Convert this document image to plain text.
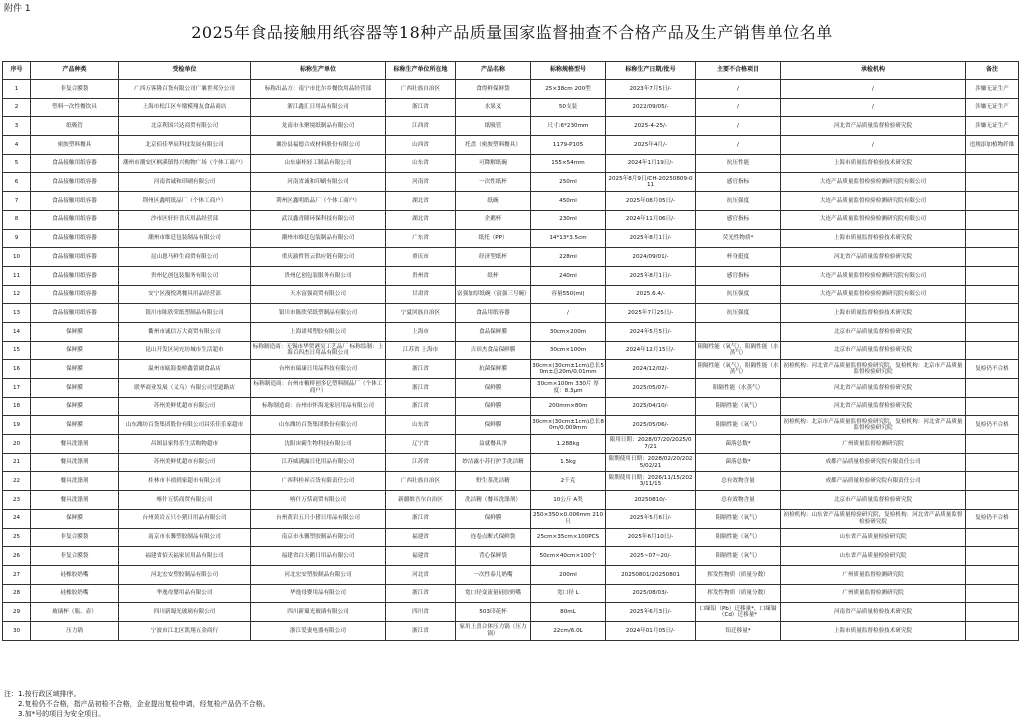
附件 1
2025年食品接触用纸容器等18种产品质量国家监督抽查不合格产品及生产销售单位名单
序号	产品种类	受检单位	标称生产单位	标称生产单位所在地	产品名称	标称规格型号	标称生产日期/批号	主要不合格项目	承检机构	备注
1	非复合膜袋	广西万客隆百货有限公司广襄世邦分公司	标称出品方：南宁市比尔乡餐饮用品经营部	广西壮族自治区	食得鲜保鲜袋	25×38cm 200型	2023年7月5日/-	/	/	涉嫌无证生产
2	塑料一次性餐饮具	上海市松江区车墩模翔友食品商店	浙江鑫汇日用品有限公司	浙江省	水果叉	50支装	2022/09/05/-	/	/	涉嫌无证生产
3	纸吸管	北京利国兴达商贸有限公司	龙南市永聚境纸制品有限公司	江西省	纸吸管	尺寸:6*230mm	2025-4-25/-	/	河北省产品质量监督检验研究院	涉嫌无证生产
4	密胺塑料餐具	北京佰佳华辰科技发展有限公司	襄汾县福德合成材料股份有限公司	山西省	托盘（密胺塑料餐具）	1179-P105	2025年4月/-	/	/	违规添加植物纤维
5	食品接触用纸容器	潮州市潮安区枫溪镇得兴购物广场（个体工商户）	山东康桂轻工制品有限公司	山东省	可降解纸碗	155×54mm	2024年1月19日/-	抗压性能	上海市质量监督检验技术研究院	
6	食品接触用纸容器	河南省诚和印刷有限公司	河南省诚和印刷有限公司	河南省	一次性纸杯	250ml	2025年8月9日/CH-20250809-011	感官指标	大连产品质量监督检验检测研究院有限公司	
7	食品接触用纸容器	荆州区鑫明纸品厂（个体工商户）	荆州区鑫明纸品厂（个体工商户）	湖北省	纸碗	450ml	2025年08月05日/-	抗压强度	大连产品质量监督检验检测研究院有限公司	
8	食品接触用纸容器	沙市区轩轩喜庆用品经营部	武汉鑫青隆环保科技有限公司	湖北省	企鹅杯	230ml	2024年11月06日/-	感官指标	大连产品质量监督检验检测研究院有限公司	
9	食品接触用纸容器	潮州市维廷包装制品有限公司	潮州市维廷包装制品有限公司	广东省	纸托（PP）	14*13*3.5cm	2025年8月1日/-	荧光性物质*	上海市质量监督检验技术研究院	
10	食品接触用纸容器	昆山恩马鲜生商贸有限公司	重庆渝哲智云供应链有限公司	重庆市	经济型纸杯	228ml	2024/09/01/-	杯身挺度	河北省产品质量监督检验研究院	
11	食品接触用纸容器	贵州亿创包装服务有限公司	贵州亿创包装服务有限公司	贵州省	纸杯	240ml	2025年8月1日/-	感官指标	大连产品质量监督检验检测研究院有限公司	
12	食品接触用纸容器	安宁区漫悦鸿餐具用品经营部	天水富强商贸有限公司	甘肃省	富强加厚纸碗（富强三号碗）	容量550(ml)	2025.6.4/-	抗压强度	大连产品质量监督检验检测研究院有限公司	
13	食品接触用纸容器	银川市陈欣荣纸塑制品有限公司	银川市陈欣荣纸塑制品有限公司	宁夏回族自治区	食品用纸容器	/	2025年7月25日/-	抗压强度	上海市质量监督检验技术研究院	
14	保鲜膜	衢州市诚信万大商贸有限公司	上海诺邦塑胶有限公司	上海市	食品保鲜膜	30cm×200m	2024年5月5日/-		北京市产品质量监督检验研究院	
15	保鲜膜	昆山开发区同充坊城市生活超市	标称制造商：无锡市华贸港吴工艺品厂 标称监制：上海百四杰日用品有限公司	江苏省 上海市	吉田杰食品保鲜膜	30cm×100m	2024年12月15日/-	阻隔性能（氧气），阻隔性能（水蒸气）	北京市产品质量监督检验研究院	
16	保鲜膜	温州市瓯海娄桥鑫蕾副食品店	台州市瑞康日用品科技有限公司	浙江省	抗菌保鲜膜	30cm×(30cm±1cm)总长50m±总20m/0.01mm	2024/12/02/-	阻隔性能（氧气），阻隔性能（水蒸气）	初检机构：河北省产品质量监督检验研究院，复检机构：北京市产品质量监督检验研究院	复检仍不合格
17	保鲜膜	联华商业发展（义乌）有限公司望道路店	标称制造商：台州市椒桥创多亿塑料制品厂（个体工商户）	浙江省	保鲜膜	30cm×100m 330片 厚度：8.3μm	2025/05/07/-	阻隔性能（水蒸气）	河北省产品质量监督检验研究院	
18	保鲜膜	苏州美鲜优超市有限公司	标称制造商：台州市怀海龙家居用品有限公司	浙江省	保鲜膜	200mm×80m	2025/04/10/-	阻隔性能（氧气）	河北省产品质量监督检验研究院	
19	保鲜膜	山东潍坊百货集团股份有限公司昌乐佳乐家超市	山东潍坊百货集团股份有限公司	山东省	保鲜膜	30cm×(30cm±1cm)总长80m/0.009mm	2025/05/06/-	阻隔性能（氧气）	初检机构：北京市产品质量监督检验研究院，复检机构：河北省产品质量监督检验研究院	复检仍不合格
20	餐具洗涤剂	昌图县家得乐生活购物超市	沈阳宙霸生物科技有限公司	辽宁省	益就餐具净	1.288kg	限用日期：2028/07/20/2025/07/21	菌落总数*	广州质量监督检测研究院	
21	餐具洗涤剂	苏州美鲜优超市有限公司	江苏威满露日化用品有限公司	江苏省	妙洁露小苏打护手洗洁精	1.5kg	限期使用日期：2028/02/20/2025/02/21	菌落总数*	成都产品质量检验研究院有限责任公司	
22	餐具洗涤剂	桂林市丰禧到家超市有限公司	广西科桂昇百货有限责任公司	广西壮族自治区	野生茶洗洁精	2千克	限期使用日期：2026/11/15/2023/11/15	总有效物含量	成都产品质量检验研究院有限责任公司	
23	餐具洗涤剂	喀什万恬商贸有限公司	喀什万恬商贸有限公司	新疆维吾尔自治区	洗洁精（餐具洗涤剂）	10公斤 A类	20250810/-	总有效物含量	北京市产品质量监督检验研究院	
24	保鲜膜	台州黄岩五只小猪日用品有限公司	台州黄岩五只小猪日用品有限公司	浙江省	保鲜膜	250×350×0.006mm 210只	2025年5月6日/-	阻隔性能（氧气）	初检机构：山东省产品质量检验研究院，复检机构：河北省产品质量监督检验研究院	复检仍不合格
25	非复合膜袋	南京市永馨塑胶制品有限公司	南京市永馨塑胶制品有限公司	福建省	连卷点断式保鲜袋	25cm×35cm×100PCS	2025年6月10日/-	阻隔性能（氧气）	山东省产品质量检验研究院	
26	非复合膜袋	福建省佰天福家居用品有限公司	福建省白天鹅日用品有限公司	福建省	背心保鲜袋	50cm×40cm×100个	2025~07~20/-	阻隔性能（氧气）	山东省产品质量检验研究院	
27	硅橡胶奶嘴	河北宏安塑胶制品有限公司	河北宏安塑胶制品有限公司	河北省	一次性泰儿奶嘴	200ml	20250801/20250801	挥发性物质（质量分数）	广州质量监督检测研究院	
28	硅橡胶奶嘴	华逸母婴用品有限公司	华逸母婴用品有限公司	浙江省	宽口径变流量硅胶奶嘴	宽口径 L	2025/08/03/-	挥发性物质（质量分数）	广州质量监督检测研究院	
29	玻璃杯（瓶、壶）	四川新蜀光玻璃有限公司	四川新蜀光玻璃有限公司	四川省	503印花杯	80mL	2025年6月3日/-	口缘铅（Pb）迁移量*，口缘镉（Cd）迁移量*	河南省产品质量检验技术研究院	
30	压力锅	宁波市江北区凯翔五金商行	浙江爱妻电器有限公司	浙江省	家用上喜合体压力锅（压力锅）	22cm/6.0L	2024年01月05日/-	铝迁移量*	上海市质量监督检验技术研究院	
注：1.按行政区域排序。
2.复检仍不合格，指产品初检不合格，企业提出复检申请，经复检产品仍不合格。
3.加*号的项目为安全项目。
